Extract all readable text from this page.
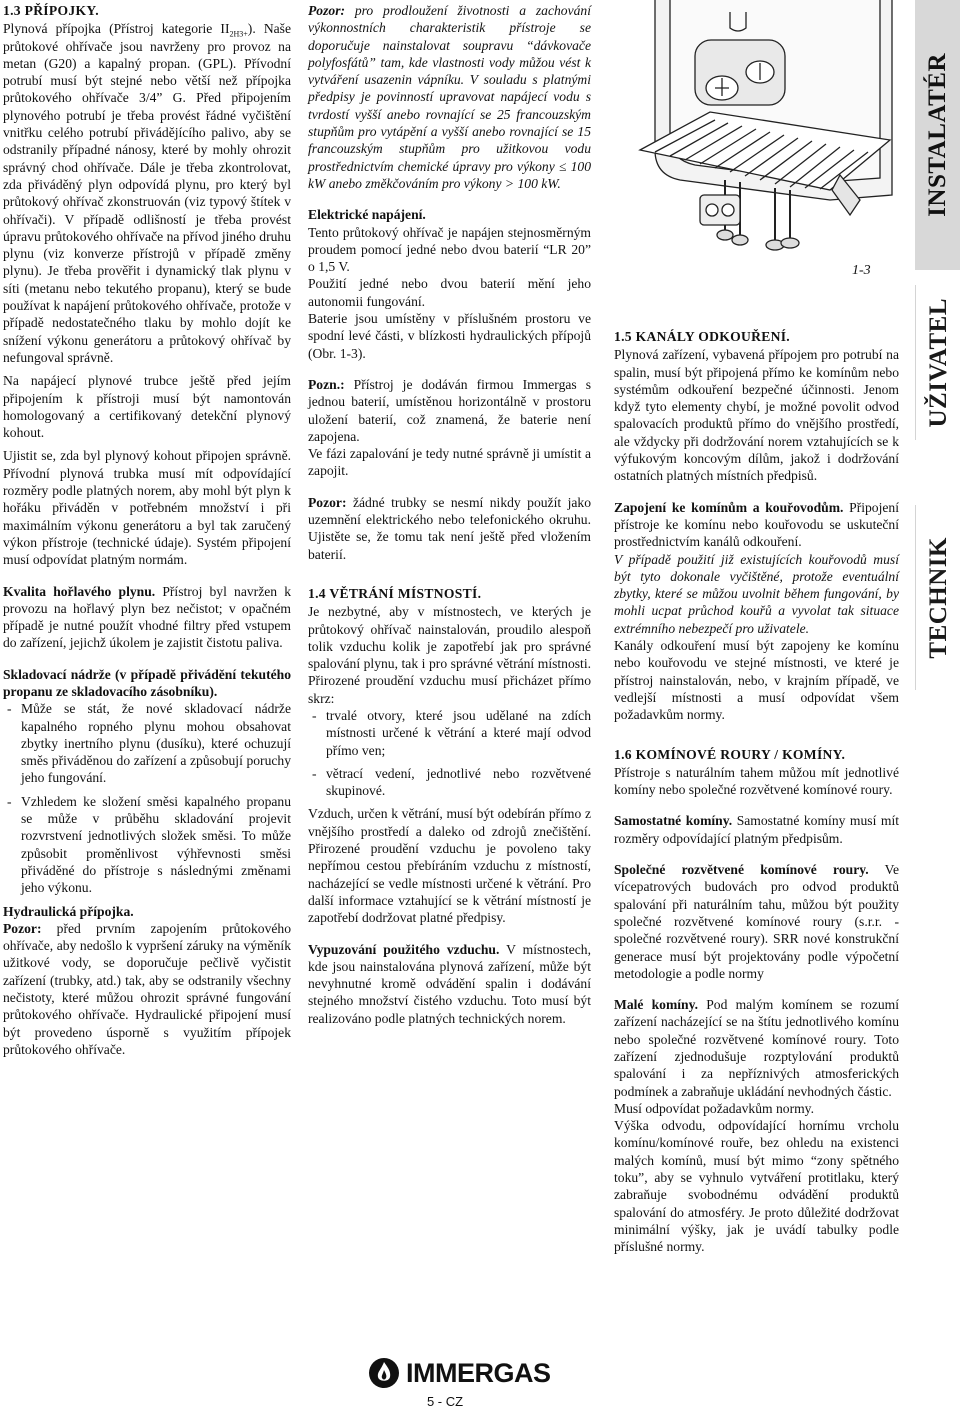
1.3 PŘÍPOJKY.

Plynová přípojka (Přístroj kategorie $II_{2H3+}$). Naše průtokové ohřívače jsou navrženy pro provoz na metan (G20) a kapalný propan. (GPL). Přívodní potrubí musí být stejné nebo větší než přípojka průtokového ohřívače 3/4” G. Před připojením plynového potrubí je třeba provést řádné vyčištění vnitřku celého potrubí přivádějícího palivo, aby se odstranily případné nánosy, které by mohly ohrozit správný chod ohřívače. Dále je třeba zkontrolovat, zda přiváděný plyn odpovídá plynu, pro který byl průtokový ohřívač zkonstruován (viz typový štítek v ohřívači). V případě odlišností je třeba provést úpravu průtokového ohřívače na přívod jiného druhu plynu (viz konverze přístrojů v případě změny plynu). Je třeba prověřit i dynamický tlak plynu v síti (metanu nebo tekutého propanu), který se bude používat k napájení průtokového ohřívače, protože v případě nedostatečného tlaku by mohlo dojít ke snížení výkonu generátoru a průtokový ohřívač by nefungoval správně.

Na napájecí plynové trubce ještě před jejím připojením k přístroji musí být namontován homologovaný a certifikovaný detekční plynový kohout.

Ujistit se, zda byl plynový kohout připojen správně. Přívodní plynová trubka musí mít odpovídající rozměry podle platných norem, aby mohl být plyn k hořáku přiváděn v potřebném množství i při maximálním výkonu generátoru a byl tak zaručený výkon přístroje (technické údaje). Systém připojení musí odpovídat platným normám.

Kvalita hořlavého plynu. Přístroj byl navržen k provozu na hořlavý plyn bez nečistot; v opačném případě je nutné použít vhodné filtry před vstupem do zařízení, jejichž úkolem je zajistit čistotu paliva.

Skladovací nádrže (v případě přivádění tekutého propanu ze skladovacího zásobníku).

- Může se stát, že nové skladovací nádrže kapalného ropného plynu mohou obsahovat zbytky inertního plynu (dusíku), které ochuzují směs přiváděnou do zařízení a způsobují poruchy jeho fungování.
- Vzhledem ke složení směsi kapalného propanu se může v průběhu skladování projevit rozvrstvení jednotlivých složek směsi. To může způsobit proměnlivost výhřevnosti směsi přiváděné do přístroje s následnými změnami jeho výkonu.

Hydraulická přípojka.

Pozor: před prvním zapojením průtokového ohřívače, aby nedošlo k vypršení záruky na výměník užitkové vody, se doporučuje pečlivě vyčistit zařízení (trubky, atd.) tak, aby se odstranily všechny nečistoty, které můžou ohrozit správné fungování průtokového ohřívače. Hydraulické připojení musí být provedeno úsporně s využitím přípojek průtokového ohřívače.

Pozor: pro prodloužení životnosti a zachování výkonnostních charakteristik přístroje se doporučuje nainstalovat soupravu “dávkovače polyfosfátů” tam, kde vlastnosti vody můžou vést k vytváření usazenin vápníku. V souladu s platnými předpisy je povinností upravovat napájecí vodu s tvrdostí vyšší anebo rovnající se 25 francouzským stupňům pro vytápění a vyšší anebo rovnající se 15 francouzským stupňům pro užitkovou vodu prostřednictvím chemické úpravy pro výkony ≤ 100 kW anebo změkčováním pro výkony > 100 kW.

Elektrické napájení.

Tento průtokový ohřívač je napájen stejnosměrným proudem pomocí jedné nebo dvou baterií “LR 20” o 1,5 V.

Použití jedné nebo dvou baterií mění jeho autonomii fungování.

Baterie jsou umístěny v příslušném prostoru ve spodní levé části, v blízkosti hydraulických přípojů (Obr. 1-3).

Pozn.: Přístroj je dodáván firmou Immergas s jednou baterií, umístěnou horizontálně v prostoru uložení baterií, což znamená, že baterie není zapojena.

Ve fázi zapalování je tedy nutné správně ji umístit a zapojit.

Pozor: žádné trubky se nesmí nikdy použít jako uzemnění elektrického nebo telefonického okruhu. Ujistěte se, že tomu tak není ještě před vložením baterií.

1.4 VĚTRÁNÍ MÍSTNOSTÍ.

Je nezbytné, aby v místnostech, ve kterých je průtokový ohřívač nainstalován, proudilo alespoň tolik vzduchu kolik je zapotřebí jak pro správné spalování plynu, tak i pro správné větrání místnosti. Přirozené proudění vzduchu musí přicházet přímo skrz:

- trvalé otvory, které jsou udělané na zdích místnosti určené k větrání a které mají odvod přímo ven;
- větrací vedení, jednotlivé nebo rozvětvené skupinové.

Vzduch, určen k větrání, musí být odebírán přímo z vnějšího prostředí a daleko od zdrojů znečištění. Přirozené proudění vzduchu je povoleno taky nepřímou cestou přebíráním vzduchu z místností, nacházející se vedle místnosti určené k větrání. Pro další informace vztahující se k větrání místností je zapotřebí dodržovat platné předpisy.

Vypuzování použitého vzduchu. V místnostech, kde jsou nainstalována plynová zařízení, může být nevyhnutné kromě odvádění spalin i dodávání stejného množství čistého vzduchu. Toto musí být realizováno podle platných technických norem.

1.5 KANÁLY ODKOUŘENÍ.

Plynová zařízení, vybavená přípojem pro potrubí na spalin, musí být připojená přímo ke komínům nebo systémům odkouření bezpečné účinnosti. Jenom když tyto elementy chybí, je možné povolit odvod spalovacích produktů přímo do vnějšího prostředí, ale vždycky při dodržování norem vztahujících se k výfukovým koncovým dílům, jakož i dodržování ostatních platných místních předpisů.

Zapojení ke komínům a kouřovodům. Připojení přístroje ke komínu nebo kouřovodu se uskuteční prostřednictvím kanálů odkouření.

V případě použití již existujících kouřovodů musí být tyto dokonale vyčištěné, protože eventuální zbytky, které se můžou uvolnit během fungování, by mohli ucpat průchod kouřů a vyvolat tak situace extrémního nebezpečí pro uživatele.

Kanály odkouření musí být zapojeny ke komínu nebo kouřovodu ve stejné místnosti, ve které je přístroj nainstalován, nebo, v krajním případě, ve vedlejší místnosti a musí odpovídat všem požadavkům normy.

1.6 KOMÍNOVÉ ROURY / KOMÍNY.

Přístroje s naturálním tahem můžou mít jednotlivé komíny nebo společné rozvětvené komínové roury.

Samostatné komíny. Samostatné komíny musí mít rozměry odpovídající platným předpisům.

Společné rozvětvené komínové roury. Ve vícepatrových budovách pro odvod produktů spalování při naturálním tahu, můžou být použity společné rozvětvené komínové roury (s.r.r. - společné rozvětvené roury). SRR nové konstrukční generace musí být projektovány podle výpočetní metodologie a podle normy

Malé komíny. Pod malým komínem se rozumí zařízení nacházející se na štítu jednotlivého komínu nebo společné rozvětvené komínové roury. Toto zařízení zjednodušuje rozptylování produktů spalování i za nepříznivých atmosferických podmínek a zabraňuje ukládání nevhodných částic.

Musí odpovídat požadavkům normy.

Výška odvodu, odpovídající hornímu vrcholu komínu/komínové rouře, bez ohledu na existenci malých komínů, musí být mimo “zony spětného toku”, aby se vyhnulo vytváření protitlaku, který zabraňuje svobodnému odvádění produktů spalování do atmosféry. Je proto důležité dodržovat minimální výšky, jak je uvádí tabulky podle příslušné normy.

1-3
INSTALATÉR
UŽIVATEL
TECHNIK
IMMERGAS
5 - CZ
